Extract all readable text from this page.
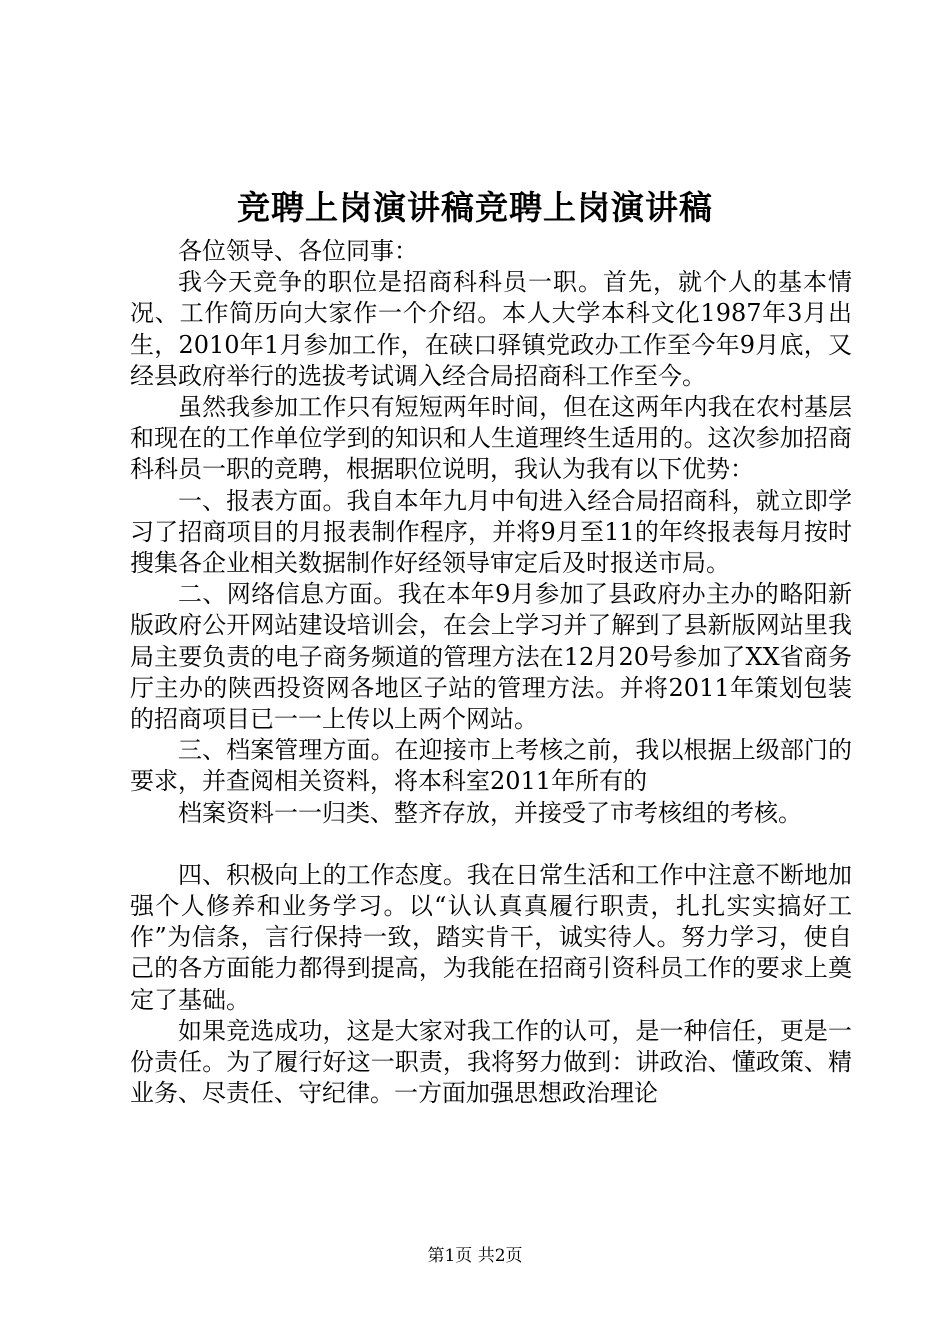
竞聘上岗演讲稿竞聘上岗演讲稿

各位领导、各位同事：

我今天竞争的职位是招商科科员一职。首先，就个人的基本情况、工作简历向大家作一个介绍。本人大学本科文化1987年3月出生，2010年1月参加工作，在硖口驿镇党政办工作至今年9月底，又经县政府举行的选拔考试调入经合局招商科工作至今。

虽然我参加工作只有短短两年时间，但在这两年内我在农村基层和现在的工作单位学到的知识和人生道理终生适用的。这次参加招商科科员一职的竞聘，根据职位说明，我认为我有以下优势：

一、报表方面。我自本年九月中旬进入经合局招商科，就立即学习了招商项目的月报表制作程序，并将9月至11的年终报表每月按时搜集各企业相关数据制作好经领导审定后及时报送市局。

二、网络信息方面。我在本年9月参加了县政府办主办的略阳新版政府公开网站建设培训会，在会上学习并了解到了县新版网站里我局主要负责的电子商务频道的管理方法在12月20号参加了XX省商务厅主办的陕西投资网各地区子站的管理方法。并将2011年策划包装的招商项目已一一上传以上两个网站。

三、档案管理方面。在迎接市上考核之前，我以根据上级部门的要求，并查阅相关资料，将本科室2011年所有的

档案资料一一归类、整齐存放，并接受了市考核组的考核。

四、积极向上的工作态度。我在日常生活和工作中注意不断地加强个人修养和业务学习。以“认认真真履行职责，扎扎实实搞好工作”为信条，言行保持一致，踏实肯干，诚实待人。努力学习，使自己的各方面能力都得到提高，为我能在招商引资科员工作的要求上奠定了基础。

如果竞选成功，这是大家对我工作的认可，是一种信任，更是一份责任。为了履行好这一职责，我将努力做到：讲政治、懂政策、精业务、尽责任、守纪律。一方面加强思想政治理论

第1页 共2页
